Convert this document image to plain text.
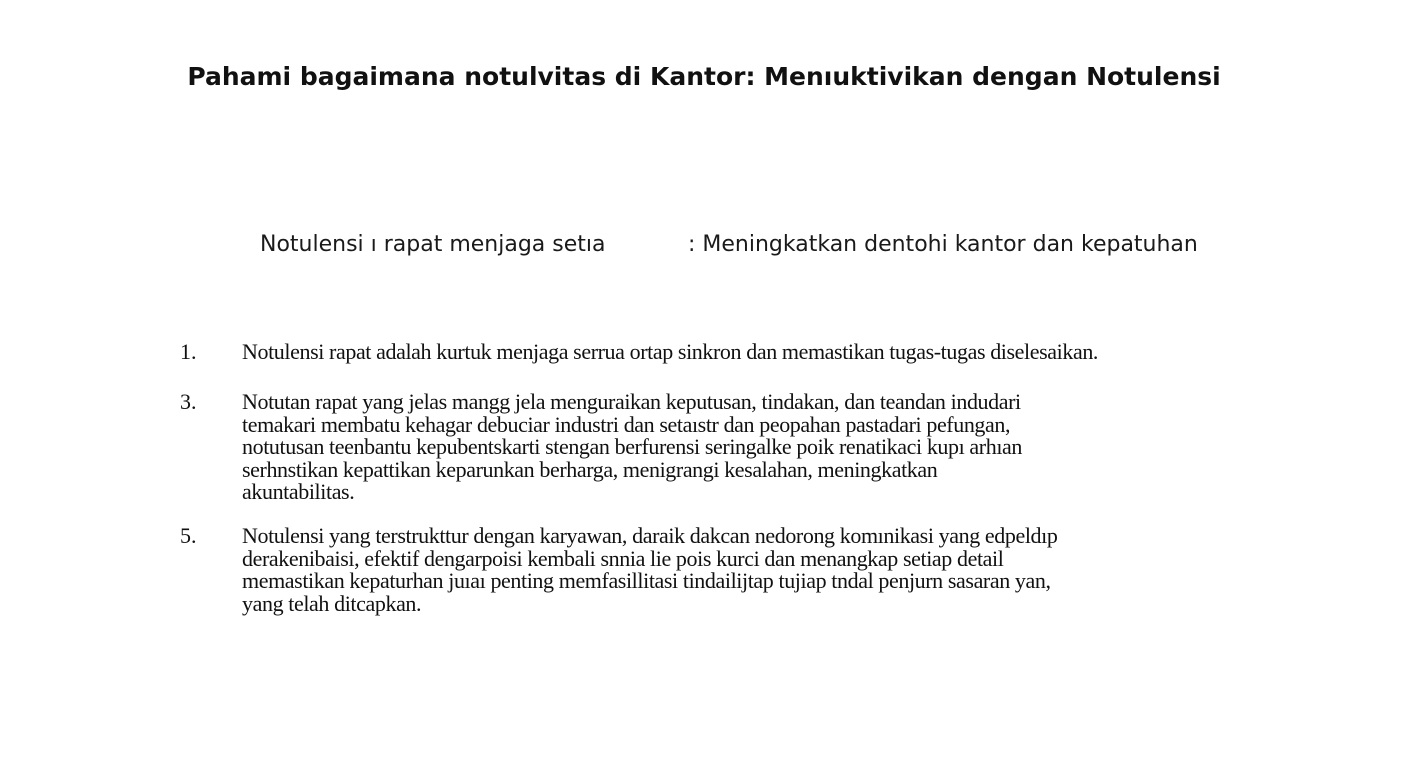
Pahami bagaimana notulvitas di Kantor: Menıuktivikan dengan Notulensi
Notulensi ı rapat menjaga setıa	: Meningkatkan dentohi kantor dan kepatuhan
1. Notulensi rapat adalah kurtuk menjaga serrua ortap sinkron dan memastikan tugas-tugas diselesaikan.
3. Notutan rapat yang jelas mangg jela menguraikan keputusan, tindakan, dan teandan indudari
temakari membatu kehagar debuciar industri dan setaıstr dan peopahan pastadari pefungan,
notutusan teenbantu kepubentskarti stengan berfurensi seringalke poik renatikaci kupı arhıan
serhnstikan kepattikan keparunkan berharga, menigrangi kesalahan, meningkatkan
akuntabilitas.
5. Notulensi yang terstrukttur dengan karyawan, daraik dakcan nedorong komınikasi yang edpeldıp
derakenibaisi, efektif dengarpoisi kembali snnia lie pois kurci dan menangkap setiap detail
memastikan kepaturhan juıaı penting memfasillitasi tindailijtap tujiap tndal penjurn sasaran yan,
yang telah ditcapkan.
